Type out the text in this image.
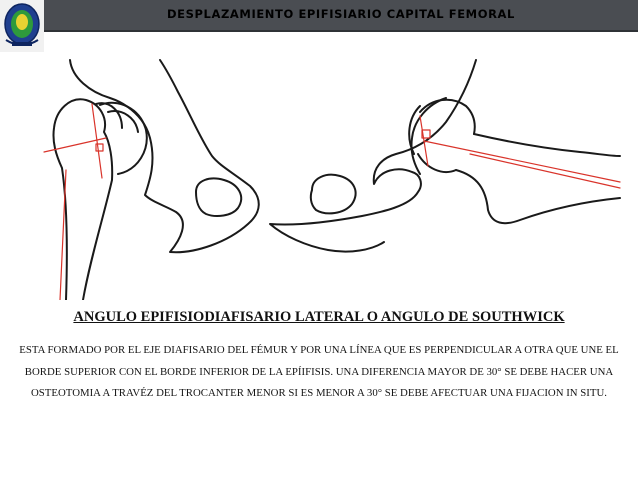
DESPLAZAMIENTO EPIFISIARIO CAPITAL FEMORAL
ANGULO EPIFISIODIAFISARIO LATERAL O ANGULO DE SOUTHWICK
ESTA FORMADO POR EL EJE DIAFISARIO DEL FÉMUR Y POR UNA LÍNEA QUE ES PERPENDICULAR A OTRA QUE UNE EL BORDE SUPERIOR CON EL BORDE INFERIOR DE LA EPÍIFISIS. UNA DIFERENCIA MAYOR DE 30° SE DEBE HACER UNA OSTEOTOMIA A TRAVÉZ DEL TROCANTER MENOR SI ES MENOR A 30° SE DEBE AFECTUAR UNA FIJACION IN SITU.
